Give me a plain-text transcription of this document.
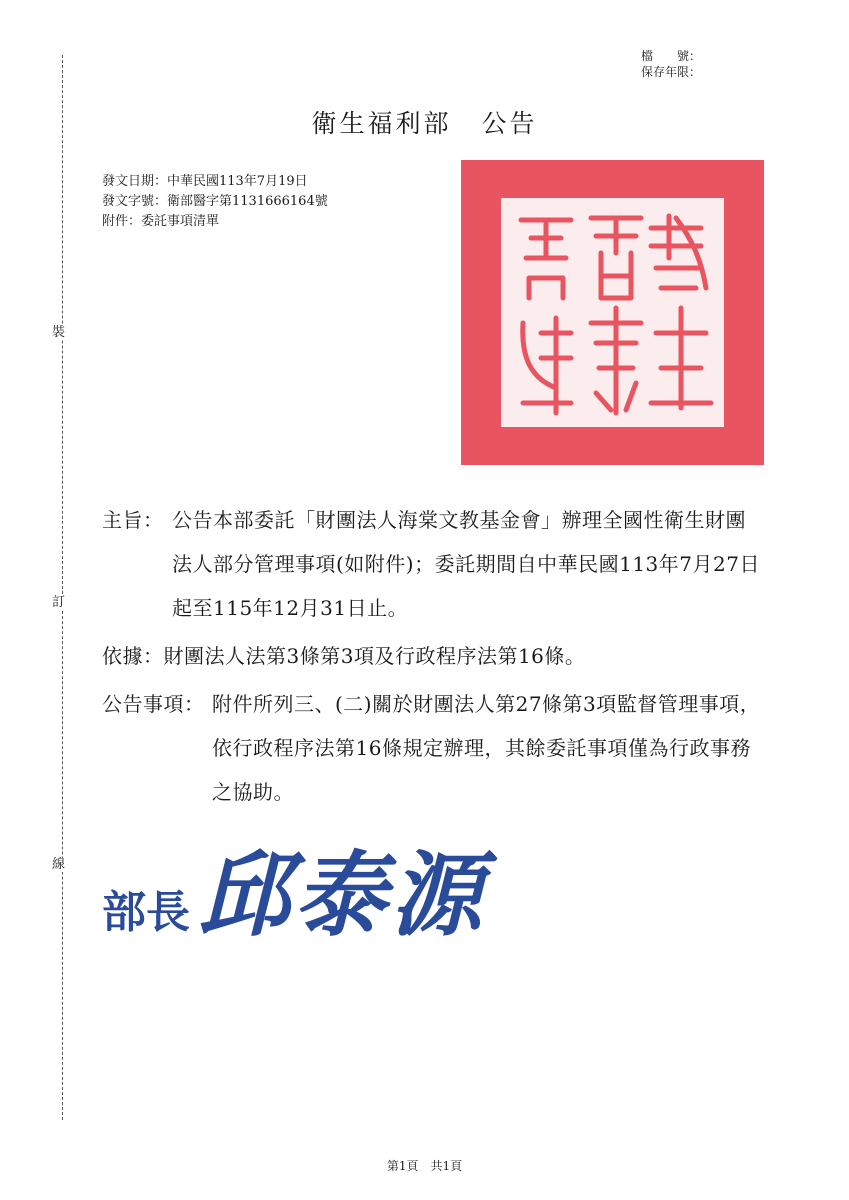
裝
訂
線
檔　　號：
保存年限：
衛生福利部 公告
發文日期：中華民國113年7月19日
發文字號：衛部醫字第1131666164號
附件：委託事項清單
主旨： 公告本部委託「財團法人海棠文教基金會」辦理全國性衛生財團法人部分管理事項(如附件)；委託期間自中華民國113年7月27日起至115年12月31日止。
依據：財團法人法第3條第3項及行政程序法第16條。
公告事項： 附件所列三、(二)關於財團法人第27條第3項監督管理事項，依行政程序法第16條規定辦理，其餘委託事項僅為行政事務之協助。
部長邱泰源
第1頁 共1頁
